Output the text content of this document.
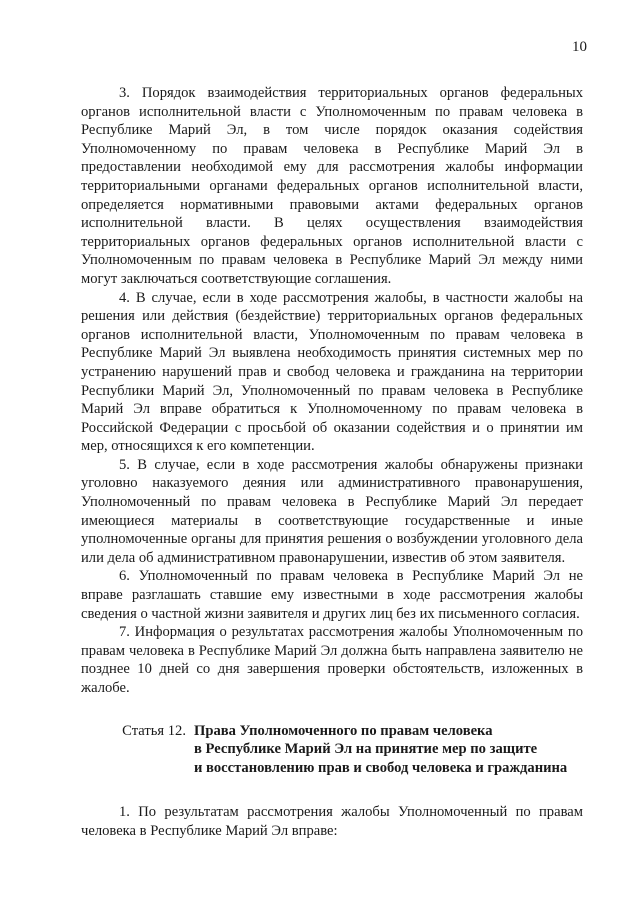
10

3. Порядок взаимодействия территориальных органов федеральных органов исполнительной власти с Уполномоченным по правам человека в Республике Марий Эл, в том числе порядок оказания содействия Уполномоченному по правам человека в Республике Марий Эл в предоставлении необходимой ему для рассмотрения жалобы информации территориальными органами федеральных органов исполнительной власти, определяется нормативными правовыми актами федеральных органов исполнительной власти. В целях осуществления взаимодействия территориальных органов федеральных органов исполнительной власти с Уполномоченным по правам человека в Республике Марий Эл между ними могут заключаться соответствующие соглашения.

4. В случае, если в ходе рассмотрения жалобы, в частности жалобы на решения или действия (бездействие) территориальных органов федеральных органов исполнительной власти, Уполномоченным по правам человека в Республике Марий Эл выявлена необходимость принятия системных мер по устранению нарушений прав и свобод человека и гражданина на территории Республики Марий Эл, Уполномоченный по правам человека в Республике Марий Эл вправе обратиться к Уполномоченному по правам человека в Российской Федерации с просьбой об оказании содействия и о принятии им мер, относящихся к его компетенции.

5. В случае, если в ходе рассмотрения жалобы обнаружены признаки уголовно наказуемого деяния или административного правонарушения, Уполномоченный по правам человека в Республике Марий Эл передает имеющиеся материалы в соответствующие государственные и иные уполномоченные органы для принятия решения о возбуждении уголовного дела или дела об административном правонарушении, известив об этом заявителя.

6. Уполномоченный по правам человека в Республике Марий Эл не вправе разглашать ставшие ему известными в ходе рассмотрения жалобы сведения о частной жизни заявителя и других лиц без их письменного согласия.

7. Информация о результатах рассмотрения жалобы Уполномоченным по правам человека в Республике Марий Эл должна быть направлена заявителю не позднее 10 дней со дня завершения проверки обстоятельств, изложенных в жалобе.

Статья 12. Права Уполномоченного по правам человека
в Республике Марий Эл на принятие мер по защите
и восстановлению прав и свобод человека и гражданина

1. По результатам рассмотрения жалобы Уполномоченный по правам человека в Республике Марий Эл вправе:
